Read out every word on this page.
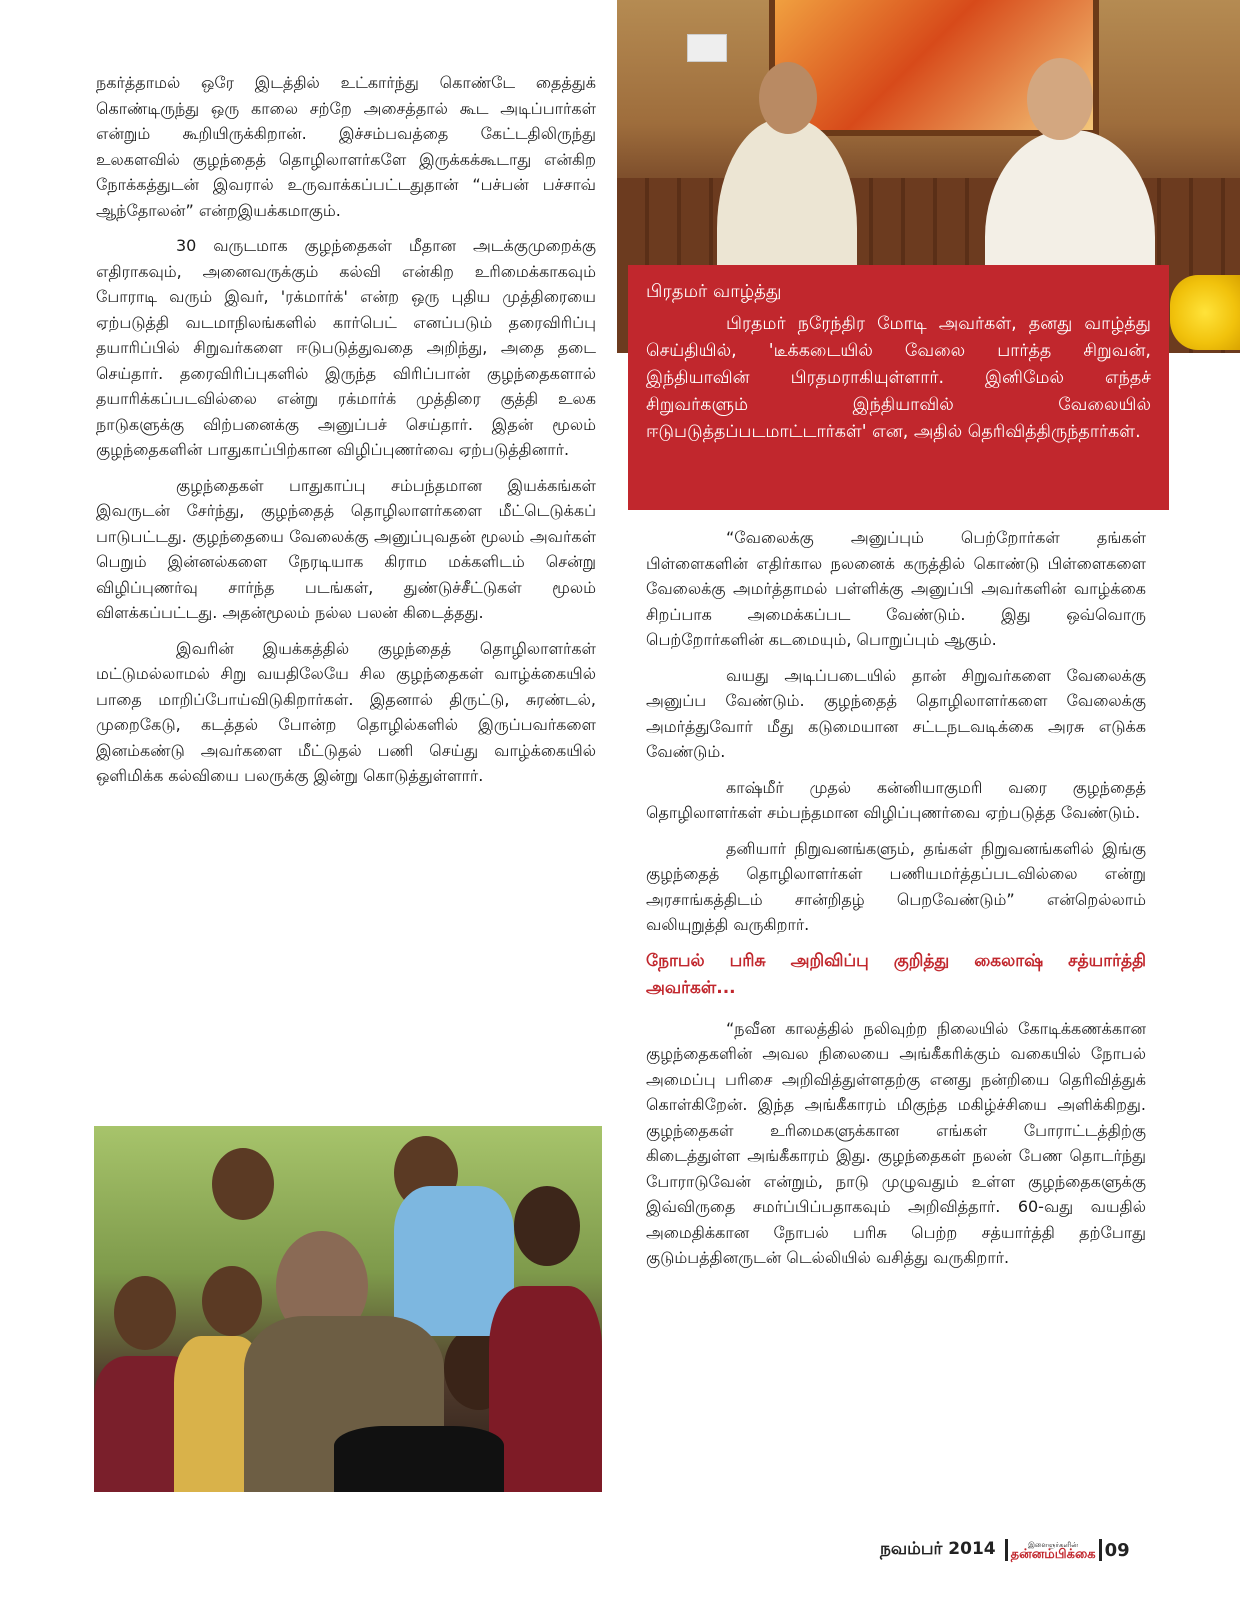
நகர்த்தாமல் ஒரே இடத்தில் உட்கார்ந்து கொண்டே தைத்துக் கொண்டிருந்து ஒரு காலை சற்றே அசைத்தால் கூட அடிப்பார்கள் என்றும் கூறியிருக்கிறான். இச்சம்பவத்தை கேட்டதிலிருந்து உலகளவில் குழந்தைத் தொழிலாளர்களே இருக்கக்கூடாது என்கிற நோக்கத்துடன் இவரால் உருவாக்கப்பட்டதுதான் “பச்பன் பச்சாவ் ஆந்தோலன்” என்றஇயக்கமாகும்.

30 வருடமாக குழந்தைகள் மீதான அடக்குமுறைக்கு எதிராகவும், அனைவருக்கும் கல்வி என்கிற உரிமைக்காகவும் போராடி வரும் இவர், 'ரக்மார்க்' என்ற ஒரு புதிய முத்திரையை ஏற்படுத்தி வடமாநிலங்களில் கார்பெட் எனப்படும் தரைவிரிப்பு தயாரிப்பில் சிறுவர்களை ஈடுபடுத்துவதை அறிந்து, அதை தடை செய்தார். தரைவிரிப்புகளில் இருந்த விரிப்பான் குழந்தைகளால் தயாரிக்கப்படவில்லை என்று ரக்மார்க் முத்திரை குத்தி உலக நாடுகளுக்கு விற்பனைக்கு அனுப்பச் செய்தார். இதன் மூலம் குழந்தைகளின் பாதுகாப்பிற்கான விழிப்புணர்வை ஏற்படுத்தினார்.

குழந்தைகள் பாதுகாப்பு சம்பந்தமான இயக்கங்கள் இவருடன் சேர்ந்து, குழந்தைத் தொழிலாளர்களை மீட்டெடுக்கப் பாடுபட்டது. குழந்தையை வேலைக்கு அனுப்புவதன் மூலம் அவர்கள் பெறும் இன்னல்களை நேரடியாக கிராம மக்களிடம் சென்று விழிப்புணர்வு சார்ந்த படங்கள், துண்டுச்சீட்டுகள் மூலம் விளக்கப்பட்டது. அதன்மூலம் நல்ல பலன் கிடைத்தது.

இவரின் இயக்கத்தில் குழந்தைத் தொழிலாளர்கள் மட்டுமல்லாமல் சிறு வயதிலேயே சில குழந்தைகள் வாழ்க்கையில் பாதை மாறிப்போய்விடுகிறார்கள். இதனால் திருட்டு, சுரண்டல், முறைகேடு, கடத்தல் போன்ற தொழில்களில் இருப்பவர்களை இனம்கண்டு அவர்களை மீட்டுதல் பணி செய்து வாழ்க்கையில் ஒளிமிக்க கல்வியை பலருக்கு இன்று கொடுத்துள்ளார்.

பிரதமர் வாழ்த்து

பிரதமர் நரேந்திர மோடி அவர்கள், தனது வாழ்த்து செய்தியில், 'டீக்கடையில் வேலை பார்த்த சிறுவன், இந்தியாவின் பிரதமராகியுள்ளார். இனிமேல் எந்தச் சிறுவர்களும் இந்தியாவில் வேலையில் ஈடுபடுத்தப்படமாட்டார்கள்' என, அதில் தெரிவித்திருந்தார்கள்.

“வேலைக்கு அனுப்பும் பெற்றோர்கள் தங்கள் பிள்ளைகளின் எதிர்கால நலனைக் கருத்தில் கொண்டு பிள்ளைகளை வேலைக்கு அமர்த்தாமல் பள்ளிக்கு அனுப்பி அவர்களின் வாழ்க்கை சிறப்பாக அமைக்கப்பட வேண்டும். இது ஒவ்வொரு பெற்றோர்களின் கடமையும், பொறுப்பும் ஆகும்.

வயது அடிப்படையில் தான் சிறுவர்களை வேலைக்கு அனுப்ப வேண்டும். குழந்தைத் தொழிலாளர்களை வேலைக்கு அமர்த்துவோர் மீது கடுமையான சட்டநடவடிக்கை அரசு எடுக்க வேண்டும்.

காஷ்மீர் முதல் கன்னியாகுமரி வரை குழந்தைத் தொழிலாளர்கள் சம்பந்தமான விழிப்புணர்வை ஏற்படுத்த வேண்டும்.

தனியார் நிறுவனங்களும், தங்கள் நிறுவனங்களில் இங்கு குழந்தைத் தொழிலாளர்கள் பணியமர்த்தப்படவில்லை என்று அரசாங்கத்திடம் சான்றிதழ் பெறவேண்டும்” என்றெல்லாம் வலியுறுத்தி வருகிறார்.

நோபல் பரிசு அறிவிப்பு குறித்து கைலாஷ் சத்யார்த்தி அவர்கள்...

“நவீன காலத்தில் நலிவுற்ற நிலையில் கோடிக்கணக்கான குழந்தைகளின் அவல நிலையை அங்கீகரிக்கும் வகையில் நோபல் அமைப்பு பரிசை அறிவித்துள்ளதற்கு எனது நன்றியை தெரிவித்துக் கொள்கிறேன். இந்த அங்கீகாரம் மிகுந்த மகிழ்ச்சியை அளிக்கிறது. குழந்தைகள் உரிமைகளுக்கான எங்கள் போராட்டத்திற்கு கிடைத்துள்ள அங்கீகாரம் இது. குழந்தைகள் நலன் பேண தொடர்ந்து போராடுவேன் என்றும், நாடு முழுவதும் உள்ள குழந்தைகளுக்கு இவ்விருதை சமர்ப்பிப்பதாகவும் அறிவித்தார். 60-வது வயதில் அமைதிக்கான நோபல் பரிசு பெற்ற சத்யார்த்தி தற்போது குடும்பத்தினருடன் டெல்லியில் வசித்து வருகிறார்.

நவம்பர் 2014	இளைஞர்களின்
தன்னம்பிக்கை 09
